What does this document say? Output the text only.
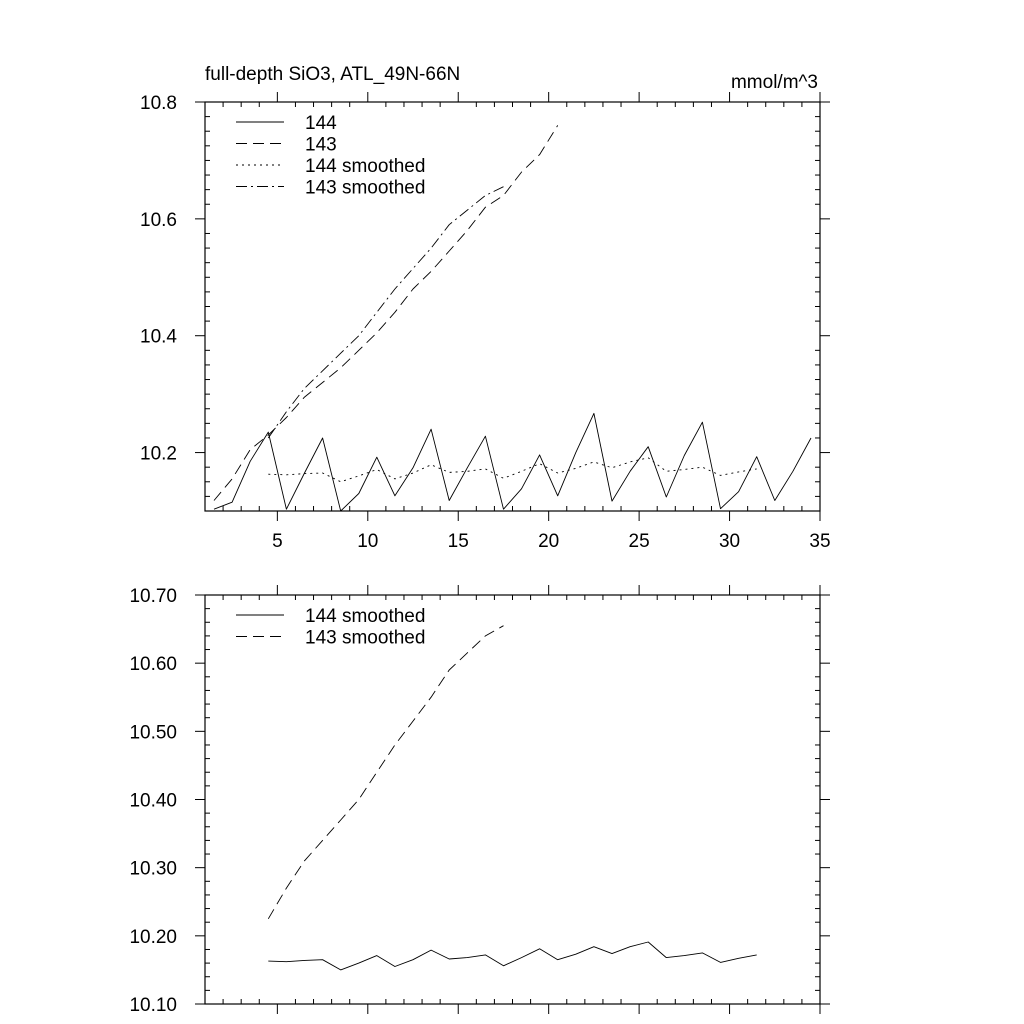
5	10	15	20	25	30	35
10.2
10.4
10.6
10.8
full-depth SiO3, ATL_49N-66N	mmol/m^3
144
143
144 smoothed
143 smoothed
10.10
10.20
10.30
10.40
10.50
10.60
10.70
144 smoothed
143 smoothed
